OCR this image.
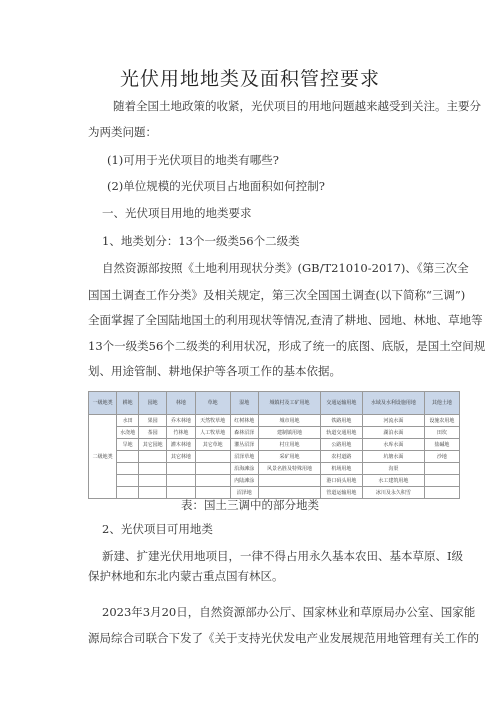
光伏用地地类及面积管控要求
随着全国土地政策的收紧，光伏项目的用地问题越来越受到关注。主要分
为两类问题：
(1)可用于光伏项目的地类有哪些?
(2)单位规模的光伏项目占地面积如何控制?
一、光伏项目用地的地类要求
1、地类划分：13个一级类56个二级类
自然资源部按照《土地利用现状分类》(GB/T21010-2017)、《第三次全
国国土调查工作分类》及相关规定，第三次全国国土调查(以下简称“三调”)
全面掌握了全国陆地国土的利用现状等情况,查清了耕地、园地、林地、草地等
13个一级类56个二级类的利用状况，形成了统一的底图、底版，是国土空间规
划、用途管制、耕地保护等各项工作的基本依据。
一级地类	耕地	园地	林地	草地	湿地	城镇村及工矿用地	交通运输用地	水域及水利设施用地	其他土地
二级地类	水田	果园	乔木林地	天然牧草地	红树林地	城市用地	铁路用地	河流水面	设施农用地
	水浇地	茶园	竹林地	人工牧草地	森林沼泽	建制镇用地	轨道交通用地	湖泊水面	田坎
	旱地	其它园地	灌木林地	其它草地	灌丛沼泽	村庄用地	公路用地	水库水面	盐碱地
			其它林地		沼泽草地	采矿用地	农村道路	坑塘水面	沙地
					沿海滩涂	风景名胜及特殊用地	机场用地	沟渠	
					内陆滩涂		港口码头用地	水工建筑用地	
					沼泽地		管道运输用地	冰川及永久积雪	
表：国土三调中的部分地类
2、光伏项目可用地类
新建、扩建光伏用地项目，一律不得占用永久基本农田、基本草原、I级
保护林地和东北内蒙古重点国有林区。
2023年3月20日，自然资源部办公厅、国家林业和草原局办公室、国家能
源局综合司联合下发了《关于支持光伏发电产业发展规范用地管理有关工作的
